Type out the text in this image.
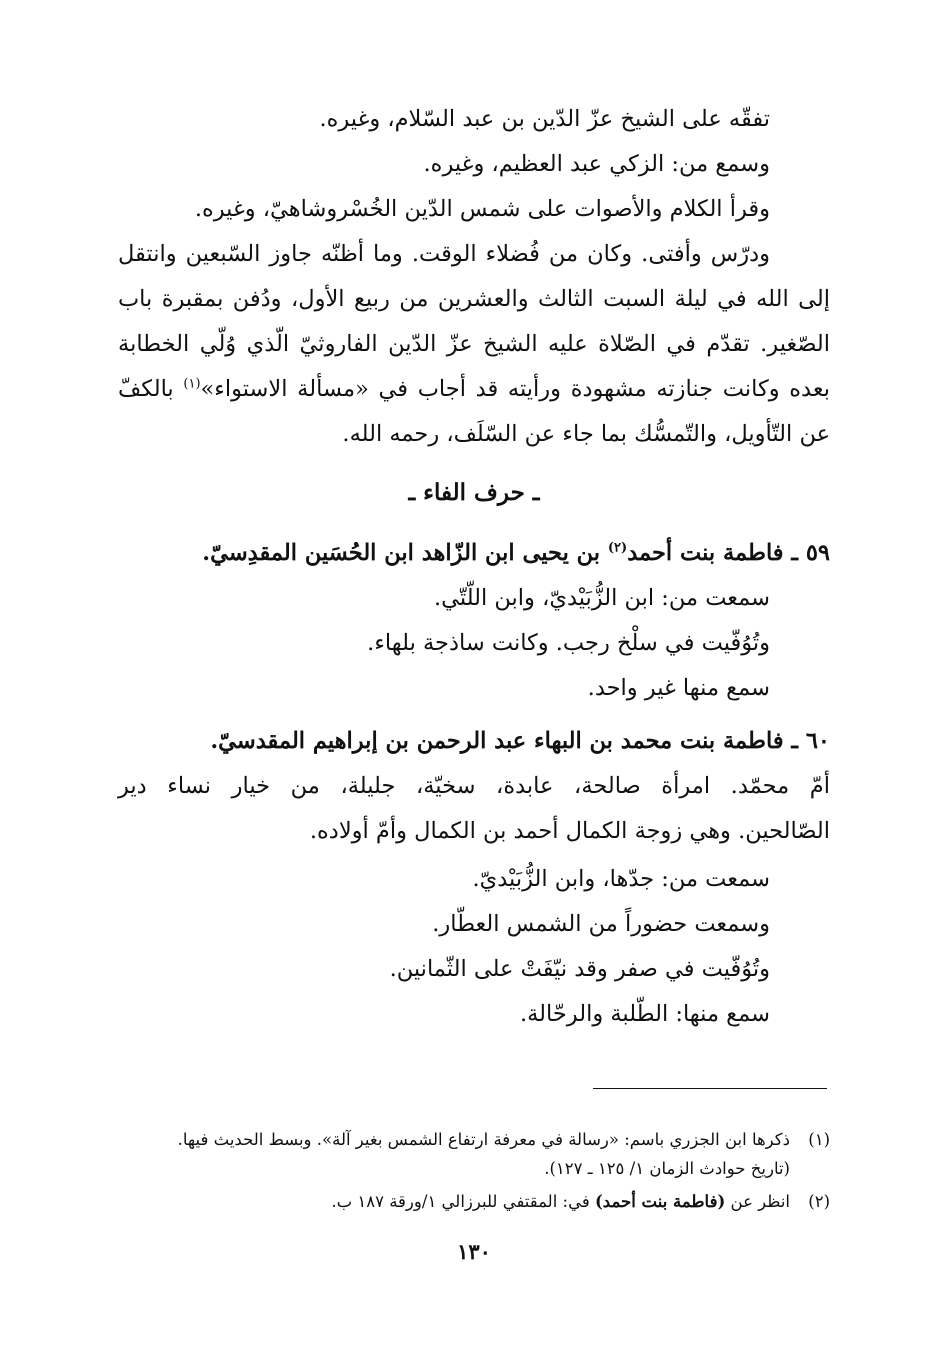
تفقّه على الشيخ عزّ الدّين بن عبد السّلام، وغيره.
وسمع من: الزكي عبد العظيم، وغيره.
وقرأ الكلام والأصوات على شمس الدّين الخُسْروشاهيّ، وغيره.
ودرّس وأفتى. وكان من فُضلاء الوقت. وما أظنّه جاوز السّبعين وانتقل
إلى الله في ليلة السبت الثالث والعشرين من ربيع الأول، ودُفن بمقبرة باب
الصّغير. تقدّم في الصّلاة عليه الشيخ عزّ الدّين الفاروثيّ الّذي وُلّي الخطابة
بعده وكانت جنازته مشهودة ورأيته قد أجاب في «مسألة الاستواء»$^{(١)}$ بالكفّ
عن التّأويل، والتّمسُّك بما جاء عن السّلَف، رحمه الله.
ـ حرف الفاء ـ
٥٩ ـ فاطمة بنت أحمد$^{(٢)}$ بن يحيى ابن الزّاهد ابن الحُسَين المقدِسيّ.
سمعت من: ابن الزُّبَيْديّ، وابن اللّتّي.
وتُوُفّيت في سلْخ رجب. وكانت ساذجة بلهاء.
سمع منها غير واحد.
٦٠ ـ فاطمة بنت محمد بن البهاء عبد الرحمن بن إبراهيم المقدسيّ.
أمّ محمّد. امرأة صالحة، عابدة، سخيّة، جليلة، من خيار نساء دير
الصّالحين. وهي زوجة الكمال أحمد بن الكمال وأمّ أولاده.
سمعت من: جدّها، وابن الزُّبَيْديّ.
وسمعت حضوراً من الشمس العطّار.
وتُوُفّيت في صفر وقد نيّفَتْ على الثّمانين.
سمع منها: الطّلبة والرحّالة.
(١)ذكرها ابن الجزري باسم: «رسالة في معرفة ارتفاع الشمس بغير آلة». وبسط الحديث فيها.
(تاريخ حوادث الزمان ١/ ١٢٥ ـ ١٢٧).
(٢)انظر عن (فاطمة بنت أحمد) في: المقتفي للبرزالي ١/ورقة ١٨٧ ب.
١٣٠
